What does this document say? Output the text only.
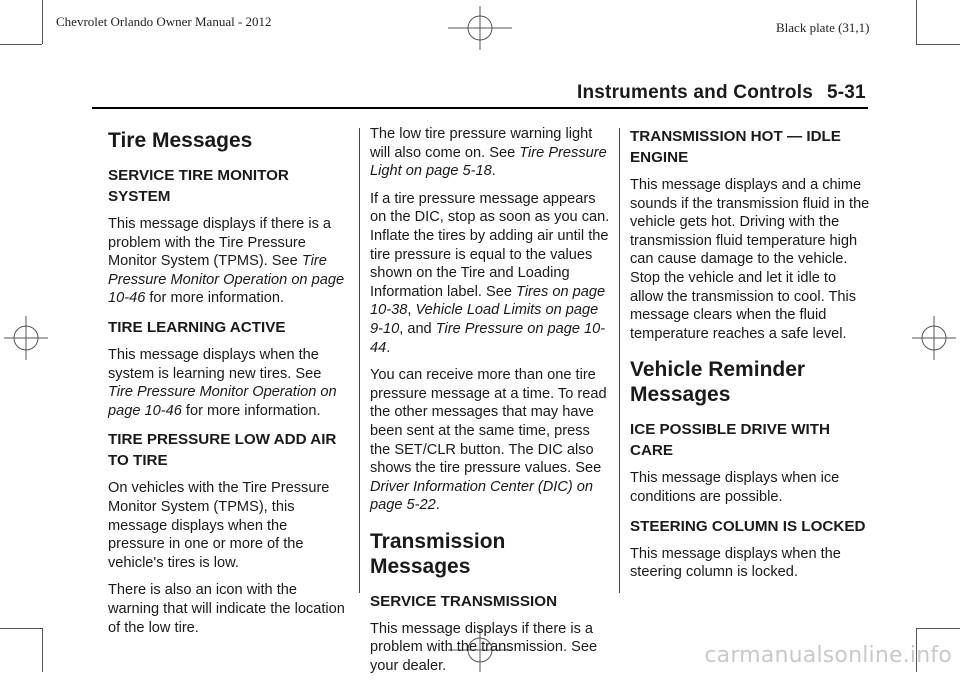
Chevrolet Orlando Owner Manual - 2012	Black plate (31,1)
Instruments and Controls 5-31
Tire Messages
SERVICE TIRE MONITOR SYSTEM

This message displays if there is a problem with the Tire Pressure Monitor System (TPMS). See Tire Pressure Monitor Operation on page 10-46 for more information.

TIRE LEARNING ACTIVE

This message displays when the system is learning new tires. See Tire Pressure Monitor Operation on page 10-46 for more information.

TIRE PRESSURE LOW ADD AIR TO TIRE

On vehicles with the Tire Pressure Monitor System (TPMS), this message displays when the pressure in one or more of the vehicle's tires is low.

There is also an icon with the warning that will indicate the location of the low tire.

The low tire pressure warning light will also come on. See Tire Pressure Light on page 5-18.

If a tire pressure message appears on the DIC, stop as soon as you can. Inflate the tires by adding air until the tire pressure is equal to the values shown on the Tire and Loading Information label. See Tires on page 10-38, Vehicle Load Limits on page 9-10, and Tire Pressure on page 10-44.

You can receive more than one tire pressure message at a time. To read the other messages that may have been sent at the same time, press the SET/CLR button. The DIC also shows the tire pressure values. See Driver Information Center (DIC) on page 5-22.

Transmission Messages
SERVICE TRANSMISSION

This message displays if there is a problem with the transmission. See your dealer.

TRANSMISSION HOT — IDLE ENGINE

This message displays and a chime sounds if the transmission fluid in the vehicle gets hot. Driving with the transmission fluid temperature high can cause damage to the vehicle. Stop the vehicle and let it idle to allow the transmission to cool. This message clears when the fluid temperature reaches a safe level.

Vehicle Reminder Messages
ICE POSSIBLE DRIVE WITH CARE

This message displays when ice conditions are possible.

STEERING COLUMN IS LOCKED

This message displays when the steering column is locked.

carmanualsonline.info
